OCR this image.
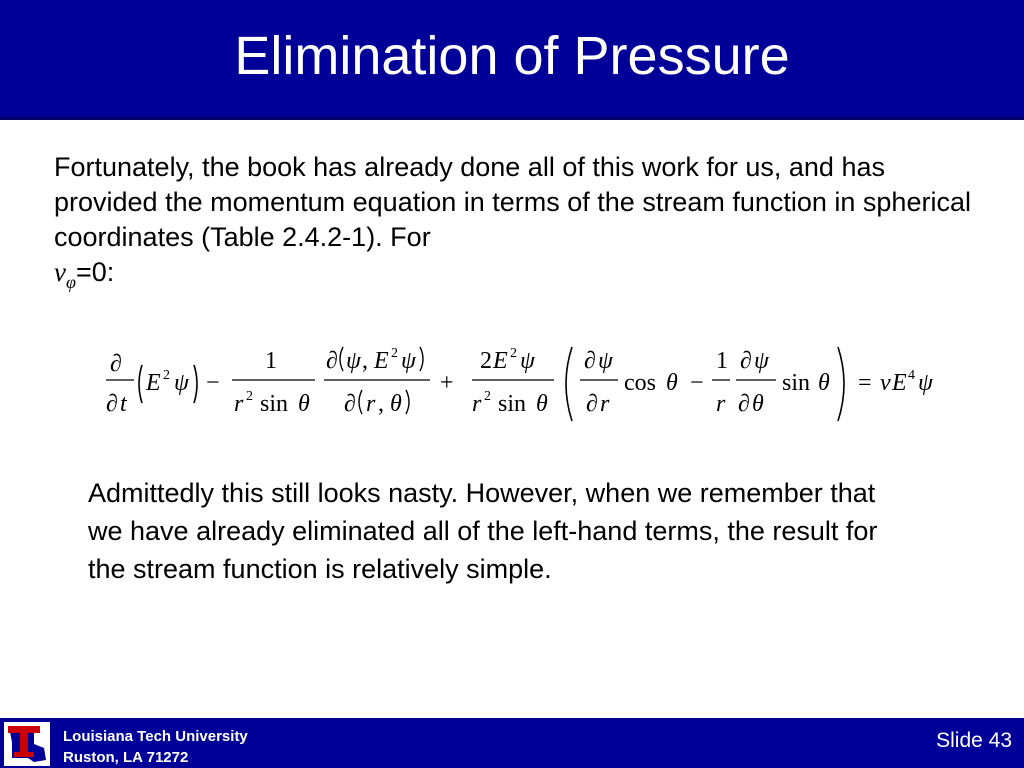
Elimination of Pressure
Fortunately, the book has already done all of this work for us, and has provided the momentum equation in terms of the stream function in spherical coordinates (Table 2.4.2-1). For
$v_\varphi=0$:
∂
∂ t
E 2 ψ −
1
r 2 sin θ
∂ ψ , E 2 ψ
∂ r , θ
+
2 E 2 ψ
r 2 sin θ
∂ ψ
∂ r
cos θ −
1
r
∂ ψ
∂ θ
sin θ = ν E 4 ψ
Admittedly this still looks nasty. However, when we remember that we have already eliminated all of the left-hand terms, the result for the stream function is relatively simple.
Louisiana Tech University
Ruston, LA 71272
Slide 43
